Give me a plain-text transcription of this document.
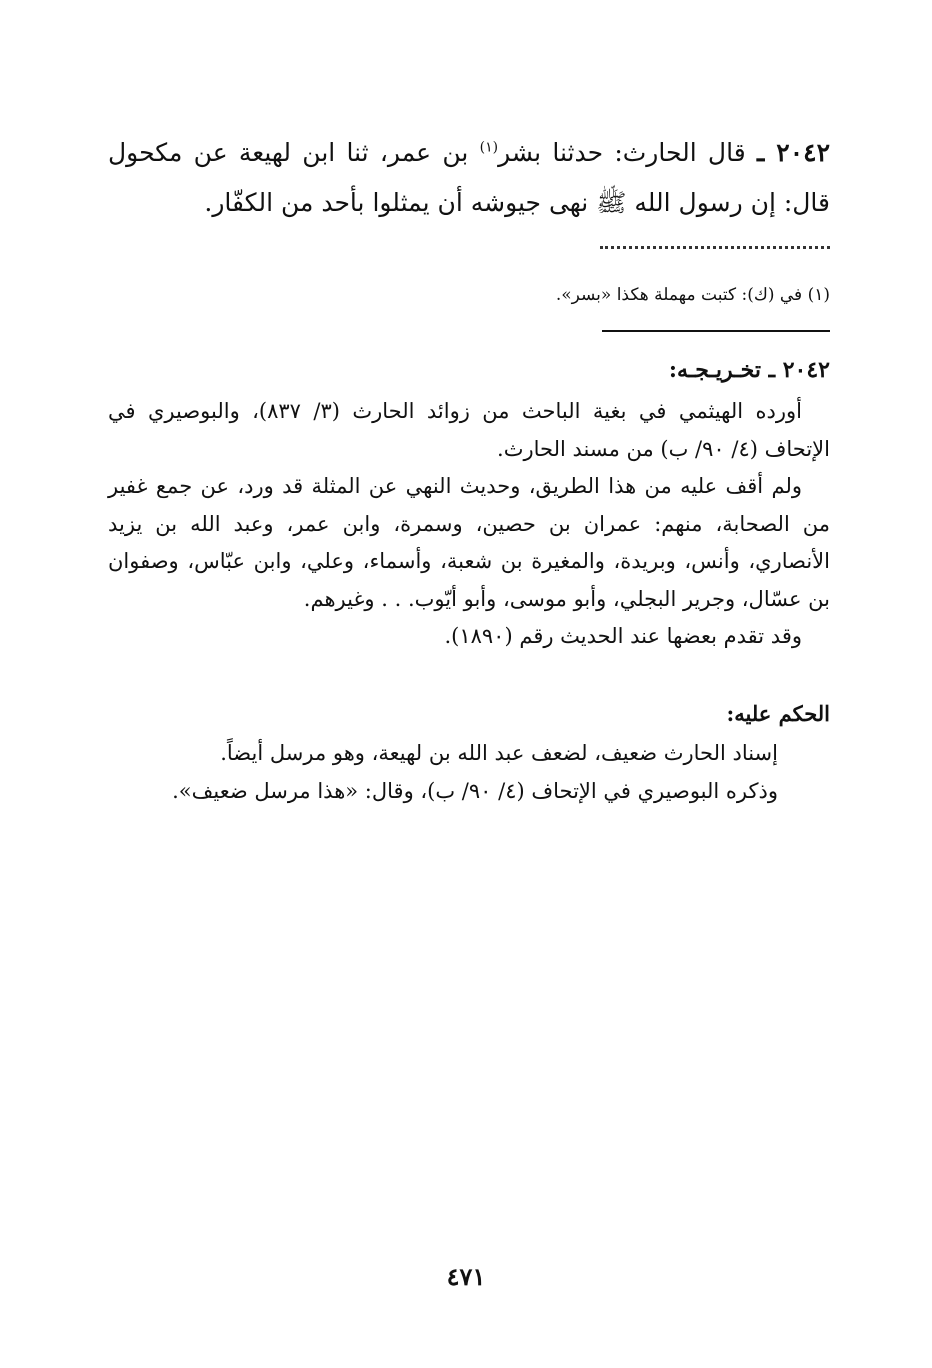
٢٠٤٢ ـ قال الحارث: حدثنا بشر$^{(١)}$ بن عمر، ثنا ابن لهيعة عن مكحول قال: إن رسول الله ﷺ نهى جيوشه أن يمثلوا بأحد من الكفّار.
(١) في (ك): كتبت مهملة هكذا «بسر».
٢٠٤٢ ـ تخـريـجـه:

أورده الهيثمي في بغية الباحث من زوائد الحارث (٣/ ٨٣٧)، والبوصيري في الإتحاف (٤/ ٩٠/ ب) من مسند الحارث.

ولم أقف عليه من هذا الطريق، وحديث النهي عن المثلة قد ورد، عن جمع غفير من الصحابة، منهم: عمران بن حصين، وسمرة، وابن عمر، وعبد الله بن يزيد الأنصاري، وأنس، وبريدة، والمغيرة بن شعبة، وأسماء، وعلي، وابن عبّاس، وصفوان بن عسّال، وجرير البجلي، وأبو موسى، وأبو أيّوب. . . وغيرهم.

وقد تقدم بعضها عند الحديث رقم (١٨٩٠).

الحكم عليه:

إسناد الحارث ضعيف، لضعف عبد الله بن لهيعة، وهو مرسل أيضاً.

وذكره البوصيري في الإتحاف (٤/ ٩٠/ ب)، وقال: «هذا مرسل ضعيف».

٤٧١
